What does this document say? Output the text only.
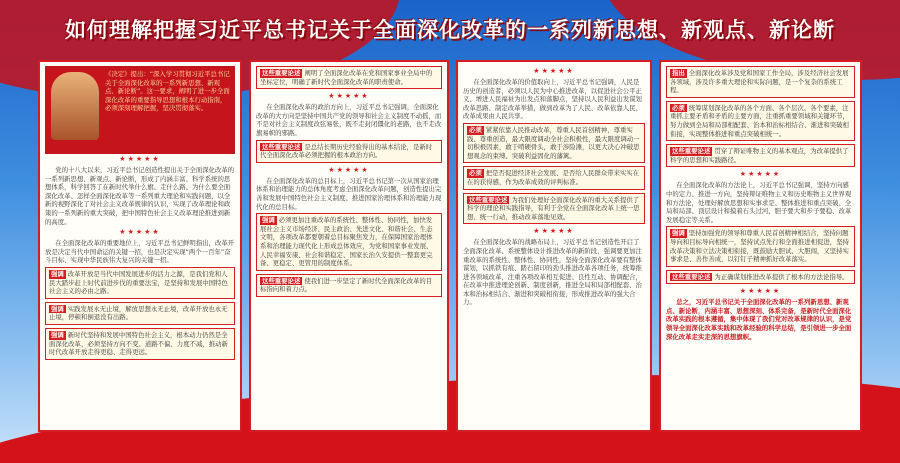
如何理解把握习近平总书记关于全面深化改革的一系列新思想、新观点、新论断
《决定》提出：“深入学习贯彻习近平总书记关于全面深化改革的一系列新思想、新观点、新论断”。这一要求，阐明了进一步全面深化改革的重要指导思想和根本行动指南，必须深刻理解把握，坚决贯彻落实。
★★★★★
党的十八大以来，习近平总书记创造性提出关于全面深化改革的一系列新思想、新观点、新论断，形成了内涵丰富、科学系统的思想体系，科学回答了在新时代举什么旗、走什么路、为什么要全面深化改革、怎样全面深化改革等一系列重大理论和实践问题，以全新的视野深化了对社会主义改革规律的认识，实现了改革理论和政策的一系列新的重大突破，把中国特色社会主义改革理论推进到新的高度。
★★★★★
在全面深化改革的重要地位上，习近平总书记鲜明指出，改革开放是决定当代中国命运的关键一招，也是决定实现“两个一百年”奋斗目标、实现中华民族伟大复兴的关键一招。
强调 改革开放是当代中国发展进步的活力之源，是我们党和人民大踏步赶上时代前进步伐的重要法宝，是坚持和发展中国特色社会主义的必由之路。
强调 实践发展永无止境，解放思想永无止境，改革开放也永无止境，停顿和倒退没有出路。
强调 新时代坚持和发展中国特色社会主义，根本动力仍然是全面深化改革，必须坚持方向不变、道路不偏、力度不减，推动新时代改革开放走得更稳、走得更远。
这些重要论述 阐明了全面深化改革在党和国家事业全局中的坐标定位，明确了新时代全面深化改革的职责使命。
★★★★★
在全面深化改革的政治方向上，习近平总书记强调，全面深化改革的大方向是坚持中国共产党的领导和社会主义制度不动摇，而不是对社会主义制度改弦易张，既不走封闭僵化的老路，也不走改旗易帜的邪路。
这些重要论述 是总结长期历史经验得出的基本结论，是新时代全面深化改革必须把握的根本政治方向。
★★★★★
在全面深化改革的总目标上，习近平总书记第一次从国家治理体系和治理能力的总体角度考虑全面深化改革问题，创造性提出完善和发展中国特色社会主义制度、推进国家治理体系和治理能力现代化的总目标。
强调 必须更加注重改革的系统性、整体性、协同性，加快发展社会主义市场经济、民主政治、先进文化、和谐社会、生态文明，各项改革都要朝着总目标聚焦发力，在保障国家治理体系和治理能力现代化上形成总体效应，为党和国家事业发展、人民幸福安康、社会和谐稳定、国家长治久安提供一整套更完备、更稳定、更管用的制度体系。
这些重要论述 使我们进一步坚定了新时代全面深化改革的目标指向和着力点。
★★★★★
在全面深化改革的价值取向上，习近平总书记强调，人民是历史的创造者，必须以人民为中心推进改革，以促进社会公平正义、增进人民福祉为出发点和落脚点，坚持以人民利益出发谋划改革思路、制定改革举措，做到改革为了人民、改革依靠人民、改革成果由人民共享。
必须 紧紧依靠人民推动改革，尊重人民首创精神，尊重实践、尊重创造，最大限度调动全社会积极性，最大限度调动一切积极因素，敢于啃硬骨头，敢于涉险滩，以更大决心冲破思想观念的束缚、突破利益固化的藩篱。
必须 把是否促进经济社会发展、是否给人民群众带来实实在在的获得感，作为改革成效的评判标准。
这些重要论述 为我们处理好全面深化改革的重大关系提供了科学的理论和实践指导，有利于全党在全面深化改革上统一思想、统一行动，推动改革落地见效。
★★★★★
在全面深化改革的战略布局上，习近平总书记创造性开启了全面深化改革、系统整体设计推进改革的新阶段，强调要更加注重改革的系统性、整体性、协同性，坚持全面深化改革要有整体谋划，以抓铁有痕、踏石留印的劲头推进改革各项任务，统筹推进各领域改革，注重各项改革相互促进、良性互动、协调配合，在改革中推进理论创新、制度创新，推进全局和局部相配套、治本和治标相结合、渐进和突破相衔接，形成推进改革的强大合力。
指出 全面深化改革涉及党和国家工作全局，涉及经济社会发展各领域，涉及许多重大理论和实际问题，是一个复杂的系统工程。
必须 统筹谋划深化改革的各个方面、各个层次、各个要素，注重抓主要矛盾和矛盾的主要方面，注重抓重要领域和关键环节，努力做到全局和局部相配套、治本和治标相结合、渐进和突破相衔接，实现整体推进和重点突破相统一。
这些重要论述 贯穿了辩证唯物主义的基本观点，为改革提供了科学的思想和实践路径。
★★★★★
在全面深化改革的方法论上，习近平总书记强调，坚持方向感中的定力、推进一方向，坚持辩证唯物主义和历史唯物主义世界观和方法论，处理好解放思想和实事求是、整体推进和重点突破、全局和局部、顶层设计和摸着石头过河、胆子要大和步子要稳、改革发展稳定等关系。
强调 坚持加强党的领导和尊重人民首创精神相结合，坚持问题导向和目标导向相统一，坚持试点先行和全面推进相促进，坚持改革决策和立法决策相衔接，既鼓励大胆试、大胆闯，又坚持实事求是、善作善成，以钉钉子精神抓好改革落实。
这些重要论述 为正确谋划推进改革提供了根本的方法论指导。
★★★★★
总之，习近平总书记关于全面深化改革的一系列新思想、新观点、新论断，内涵丰富、思想深刻、体系完备，是新时代全面深化改革实践的根本遵循，集中体现了我们党对改革规律的认识，是党领导全面深化改革实践和改革经验的科学总结，是引领进一步全面深化改革走实走深的思想旗帜。
